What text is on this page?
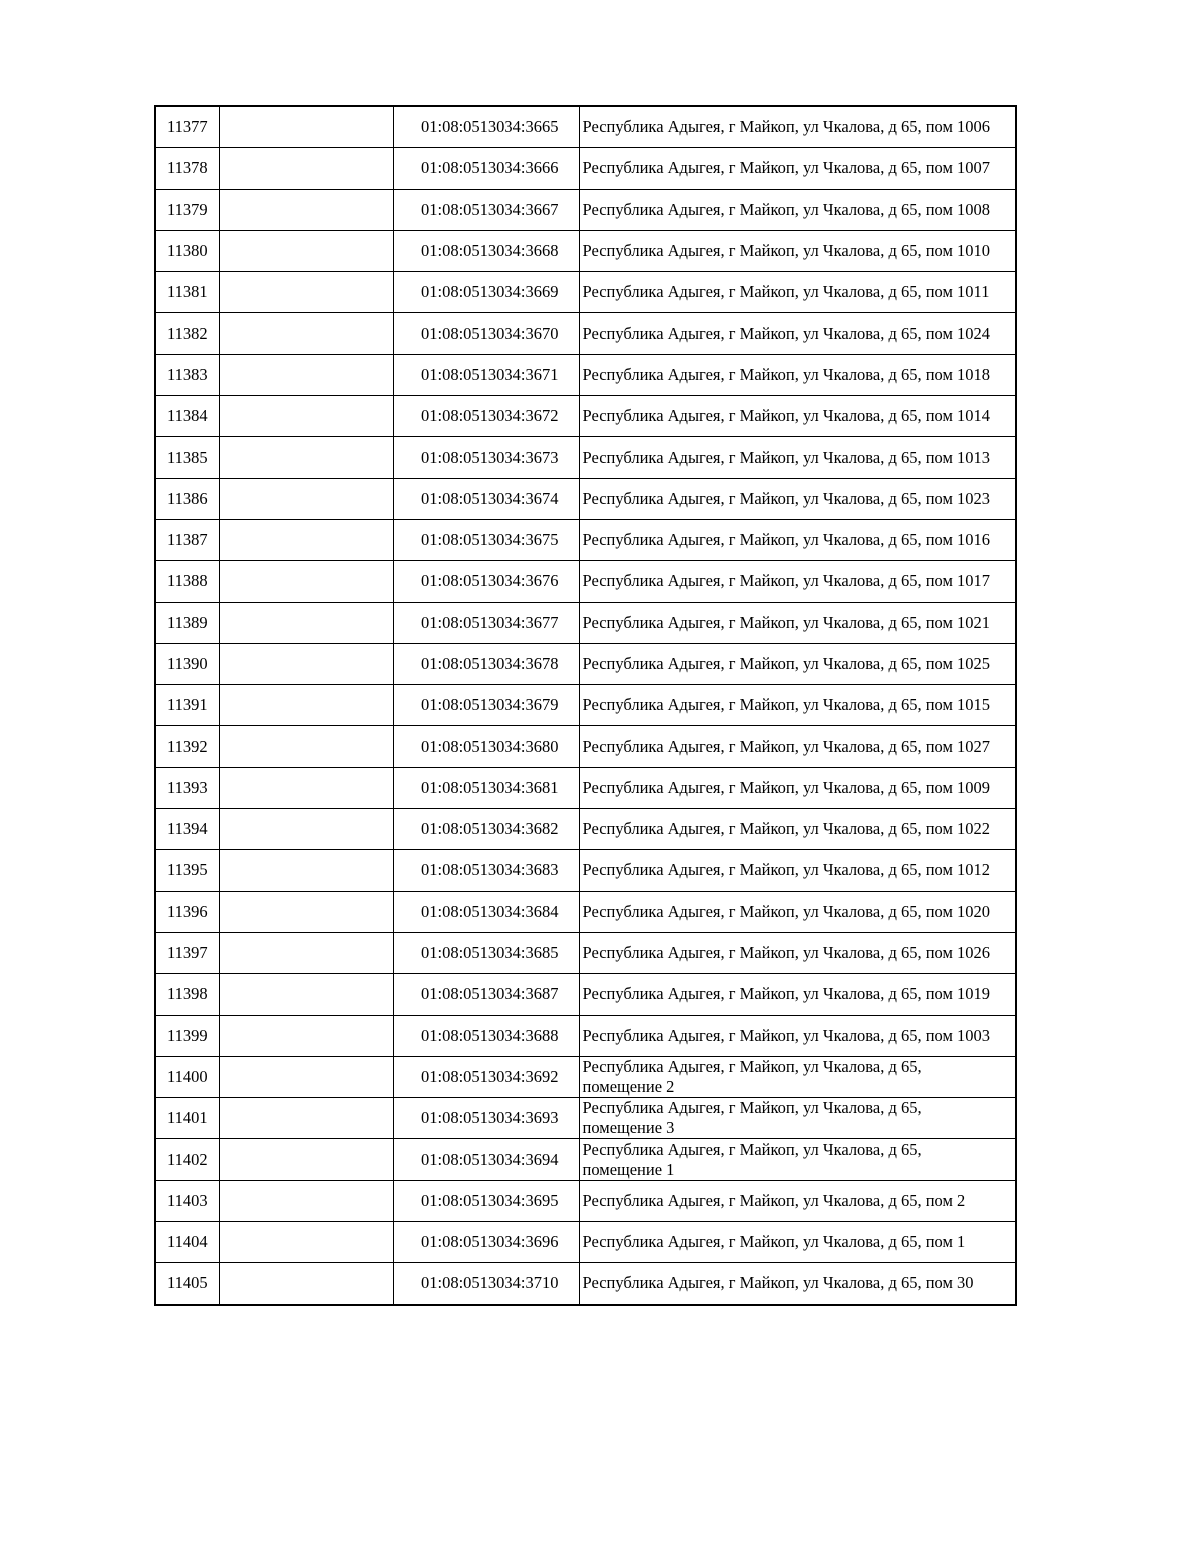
11377		01:08:0513034:3665	Республика Адыгея, г Майкоп, ул Чкалова, д 65, пом 1006
11378		01:08:0513034:3666	Республика Адыгея, г Майкоп, ул Чкалова, д 65, пом 1007
11379		01:08:0513034:3667	Республика Адыгея, г Майкоп, ул Чкалова, д 65, пом 1008
11380		01:08:0513034:3668	Республика Адыгея, г Майкоп, ул Чкалова, д 65, пом 1010
11381		01:08:0513034:3669	Республика Адыгея, г Майкоп, ул Чкалова, д 65, пом 1011
11382		01:08:0513034:3670	Республика Адыгея, г Майкоп, ул Чкалова, д 65, пом 1024
11383		01:08:0513034:3671	Республика Адыгея, г Майкоп, ул Чкалова, д 65, пом 1018
11384		01:08:0513034:3672	Республика Адыгея, г Майкоп, ул Чкалова, д 65, пом 1014
11385		01:08:0513034:3673	Республика Адыгея, г Майкоп, ул Чкалова, д 65, пом 1013
11386		01:08:0513034:3674	Республика Адыгея, г Майкоп, ул Чкалова, д 65, пом 1023
11387		01:08:0513034:3675	Республика Адыгея, г Майкоп, ул Чкалова, д 65, пом 1016
11388		01:08:0513034:3676	Республика Адыгея, г Майкоп, ул Чкалова, д 65, пом 1017
11389		01:08:0513034:3677	Республика Адыгея, г Майкоп, ул Чкалова, д 65, пом 1021
11390		01:08:0513034:3678	Республика Адыгея, г Майкоп, ул Чкалова, д 65, пом 1025
11391		01:08:0513034:3679	Республика Адыгея, г Майкоп, ул Чкалова, д 65, пом 1015
11392		01:08:0513034:3680	Республика Адыгея, г Майкоп, ул Чкалова, д 65, пом 1027
11393		01:08:0513034:3681	Республика Адыгея, г Майкоп, ул Чкалова, д 65, пом 1009
11394		01:08:0513034:3682	Республика Адыгея, г Майкоп, ул Чкалова, д 65, пом 1022
11395		01:08:0513034:3683	Республика Адыгея, г Майкоп, ул Чкалова, д 65, пом 1012
11396		01:08:0513034:3684	Республика Адыгея, г Майкоп, ул Чкалова, д 65, пом 1020
11397		01:08:0513034:3685	Республика Адыгея, г Майкоп, ул Чкалова, д 65, пом 1026
11398		01:08:0513034:3687	Республика Адыгея, г Майкоп, ул Чкалова, д 65, пом 1019
11399		01:08:0513034:3688	Республика Адыгея, г Майкоп, ул Чкалова, д 65, пом 1003
11400		01:08:0513034:3692	Республика Адыгея, г Майкоп, ул Чкалова, д 65, помещение 2
11401		01:08:0513034:3693	Республика Адыгея, г Майкоп, ул Чкалова, д 65, помещение 3
11402		01:08:0513034:3694	Республика Адыгея, г Майкоп, ул Чкалова, д 65, помещение 1
11403		01:08:0513034:3695	Республика Адыгея, г Майкоп, ул Чкалова, д 65, пом 2
11404		01:08:0513034:3696	Республика Адыгея, г Майкоп, ул Чкалова, д 65, пом 1
11405		01:08:0513034:3710	Республика Адыгея, г Майкоп, ул Чкалова, д 65, пом 30
